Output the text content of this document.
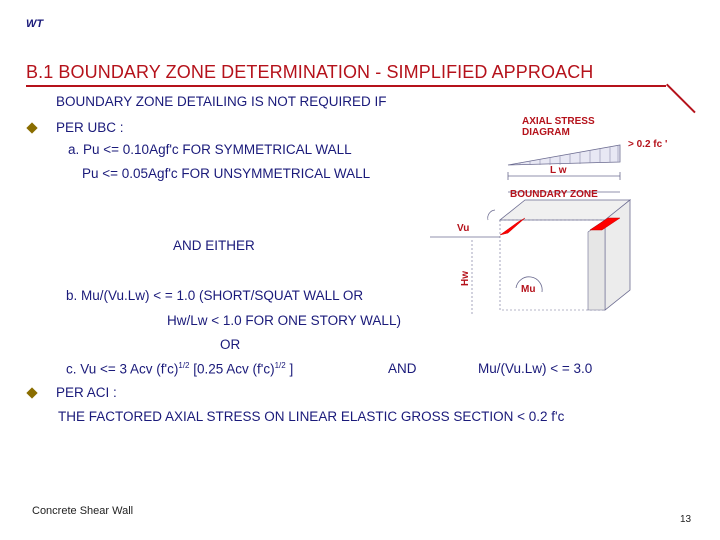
WT
B.1 BOUNDARY ZONE DETERMINATION - SIMPLIFIED APPROACH
BOUNDARY ZONE DETAILING IS NOT REQUIRED IF
PER UBC :
a. Pu <= 0.10Agf'c FOR SYMMETRICAL WALL
Pu <= 0.05Agf'c FOR UNSYMMETRICAL WALL
AND EITHER
b. Mu/(Vu.Lw) < = 1.0 (SHORT/SQUAT WALL OR
Hw/Lw < 1.0 FOR ONE STORY WALL)
OR
c. Vu <= 3 Acv $(f'c)^{1/2}$ [0.25 Acv $(f'c)^{1/2}$ ]	AND	Mu/(Vu.Lw) < = 3.0
PER ACI :
THE FACTORED AXIAL STRESS ON LINEAR ELASTIC GROSS SECTION < 0.2 f'c
AXIAL STRESS
DIAGRAM
> 0.2 fc '
L w
BOUNDARY ZONE
Vu
Hw
Mu
Concrete Shear Wall
13
